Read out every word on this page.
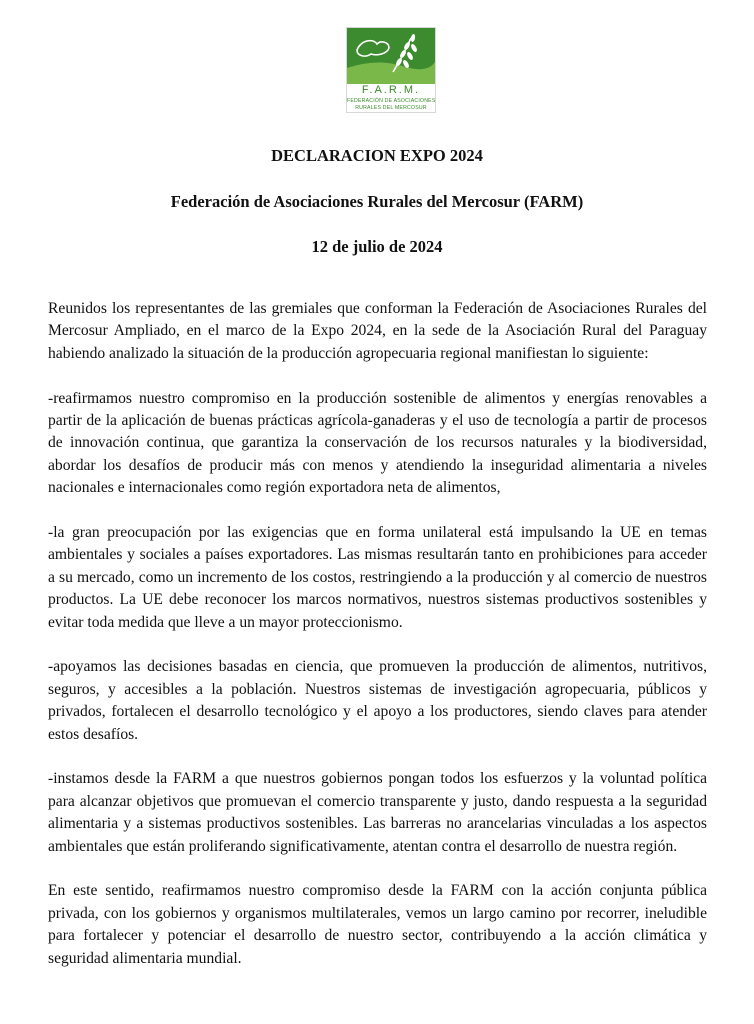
F.A.R.M.
FEDERACIÓN DE ASOCIACIONES
RURALES DEL MERCOSUR
DECLARACION EXPO 2024
Federación de Asociaciones Rurales del Mercosur (FARM)
12 de julio de 2024

Reunidos los representantes de las gremiales que conforman la Federación de Asociaciones Rurales del Mercosur Ampliado, en el marco de la Expo 2024, en la sede de la Asociación Rural del Paraguay habiendo analizado la situación de la producción agropecuaria regional manifiestan lo siguiente:

-reafirmamos nuestro compromiso en la producción sostenible de alimentos y energías renovables a partir de la aplicación de buenas prácticas agrícola-ganaderas y el uso de tecnología a partir de procesos de innovación continua, que garantiza la conservación de los recursos naturales y la biodiversidad, abordar los desafíos de producir más con menos y atendiendo la inseguridad alimentaria a niveles nacionales e internacionales como región exportadora neta de alimentos,

-la gran preocupación por las exigencias que en forma unilateral está impulsando la UE en temas ambientales y sociales a países exportadores. Las mismas resultarán tanto en prohibiciones para acceder a su mercado, como un incremento de los costos, restringiendo a la producción y al comercio de nuestros productos. La UE debe reconocer los marcos normativos, nuestros sistemas productivos sostenibles y evitar toda medida que lleve a un mayor proteccionismo.

-apoyamos las decisiones basadas en ciencia, que promueven la producción de alimentos, nutritivos, seguros, y accesibles a la población. Nuestros sistemas de investigación agropecuaria, públicos y privados, fortalecen el desarrollo tecnológico y el apoyo a los productores, siendo claves para atender estos desafíos.

-instamos desde la FARM a que nuestros gobiernos pongan todos los esfuerzos y la voluntad política para alcanzar objetivos que promuevan el comercio transparente y justo, dando respuesta a la seguridad alimentaria y a sistemas productivos sostenibles. Las barreras no arancelarias vinculadas a los aspectos ambientales que están proliferando significativamente, atentan contra el desarrollo de nuestra región.

En este sentido, reafirmamos nuestro compromiso desde la FARM con la acción conjunta pública privada, con los gobiernos y organismos multilaterales, vemos un largo camino por recorrer, ineludible para fortalecer y potenciar el desarrollo de nuestro sector, contribuyendo a la acción climática y seguridad alimentaria mundial.
